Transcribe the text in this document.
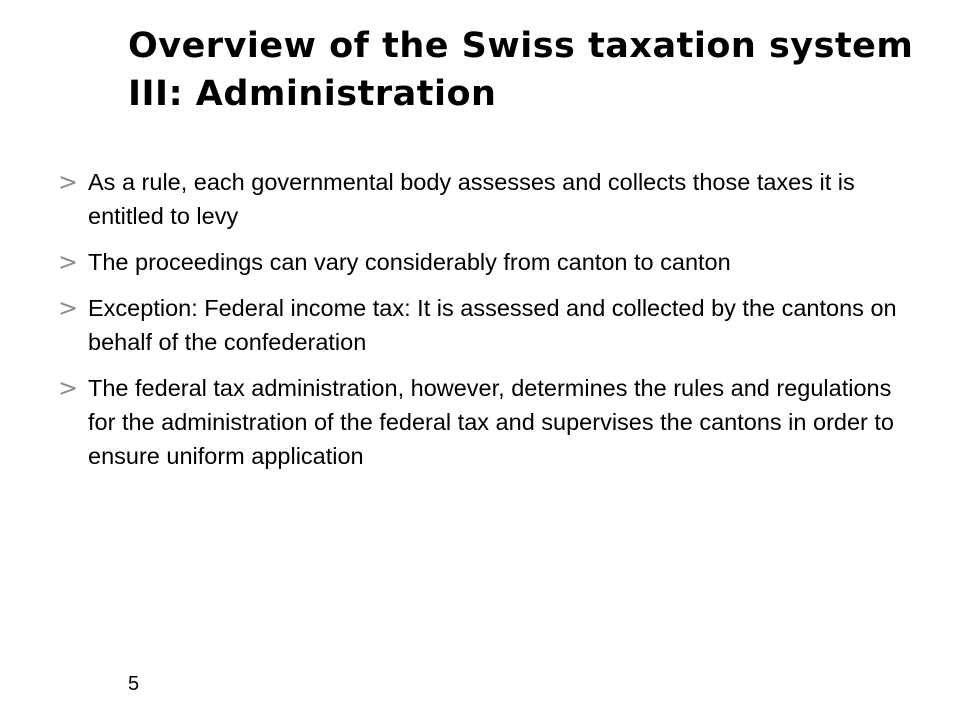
Overview of the Swiss taxation system III: Administration
> As a rule, each governmental body assesses and collects those taxes it is entitled to levy
> The proceedings can vary considerably from canton to canton
> Exception: Federal income tax: It is assessed and collected by the cantons on behalf of the confederation
> The federal tax administration, however, determines the rules and regulations for the administration of the federal tax and supervises the cantons in order to ensure uniform application
5
